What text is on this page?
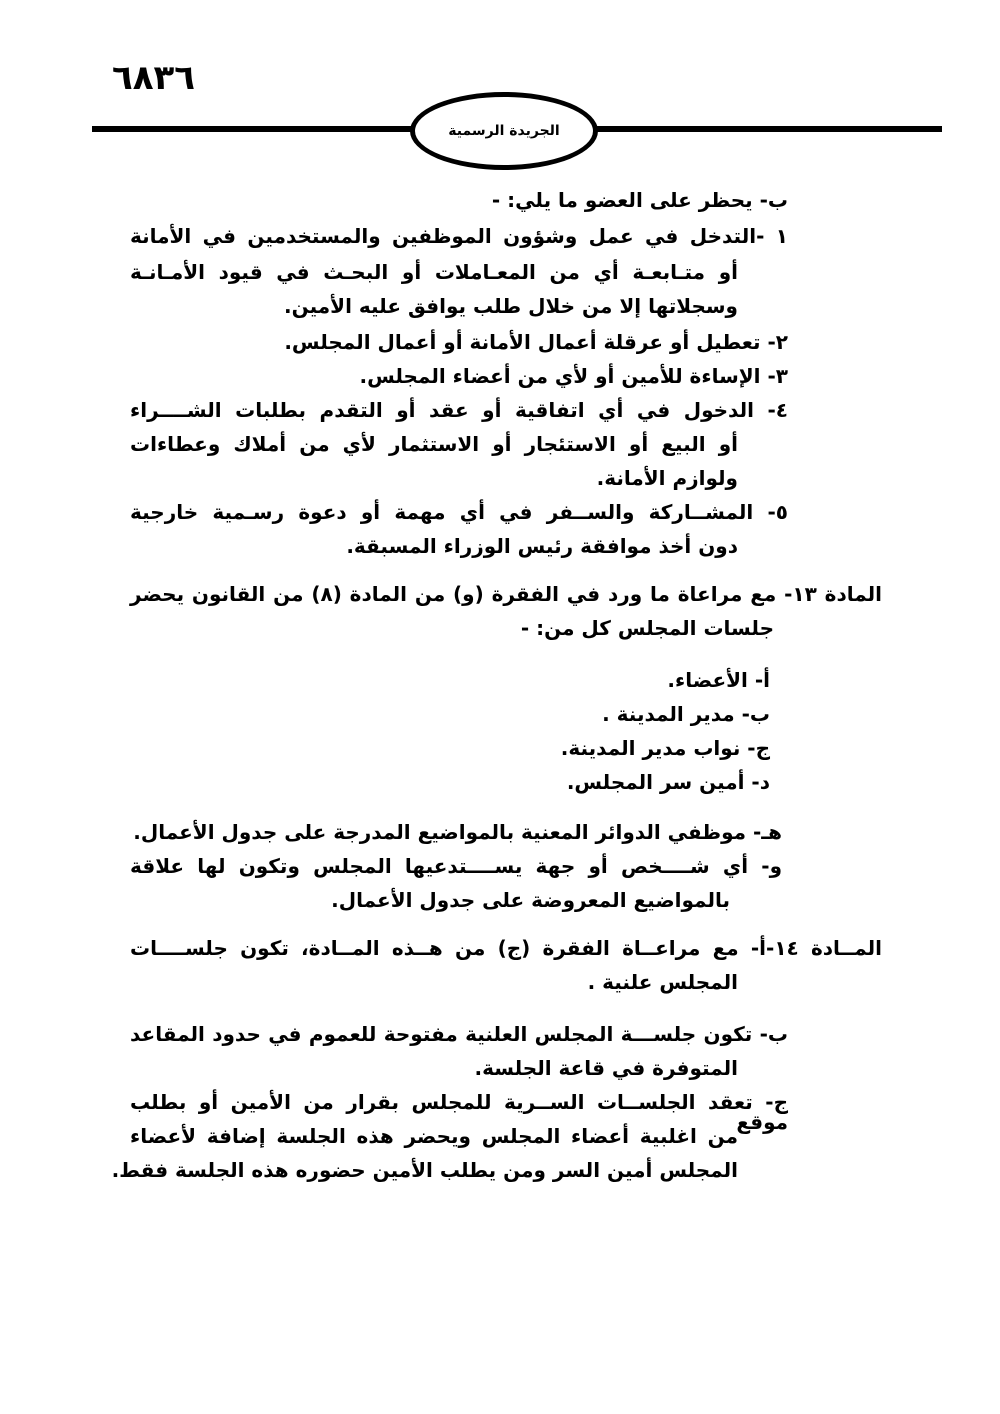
٦٨٣٦
الجريدة الرسمية
ب- يحظر على العضو ما يلي: -
١ -التدخل في عمل وشؤون الموظفين والمستخدمين في الأمانة
أو متـابعـة أي من المعـاملات أو البحـث في قيود الأمـانـة
وسجلاتها إلا من خلال طلب يوافق عليه الأمين.
٢- تعطيل أو عرقلة أعمال الأمانة أو أعمال المجلس.
٣- الإساءة للأمين أو لأي من أعضاء المجلس.
٤- الدخول في أي اتفاقية أو عقد أو التقدم بطلبات الشــــراء
أو البيع أو الاستئجار أو الاستثمار لأي من أملاك وعطاءات
ولوازم الأمانة.
٥- المشــاركة والســفر في أي مهمة أو دعوة رسـمية خارجية
دون أخذ موافقة رئيس الوزراء المسبقة.
المادة ١٣- مع مراعاة ما ورد في الفقرة (و) من المادة (٨) من القانون يحضر
جلسات المجلس كل من: -
أ- الأعضاء.
ب- مدير المدينة .
ج- نواب مدير المدينة.
د- أمين سر المجلس.
هـ- موظفي الدوائر المعنية بالمواضيع المدرجة على جدول الأعمال.
و- أي شــــخص أو جهة يســــتدعيها المجلس وتكون لها علاقة
بالمواضيع المعروضة على جدول الأعمال.
المــادة ١٤-أ- مع مراعــاة الفقرة (ج) من هــذه المــادة، تكون جلســــات
المجلس علنية .
ب- تكون جلســـة المجلس العلنية مفتوحة للعموم في حدود المقاعد
المتوفرة في قاعة الجلسة.
ج- تعقد الجلســات الســرية للمجلس بقرار من الأمين أو بطلب موقع
من اغلبية أعضاء المجلس ويحضر هذه الجلسة إضافة لأعضاء
المجلس أمين السر ومن يطلب الأمين حضوره هذه الجلسة فقط.
